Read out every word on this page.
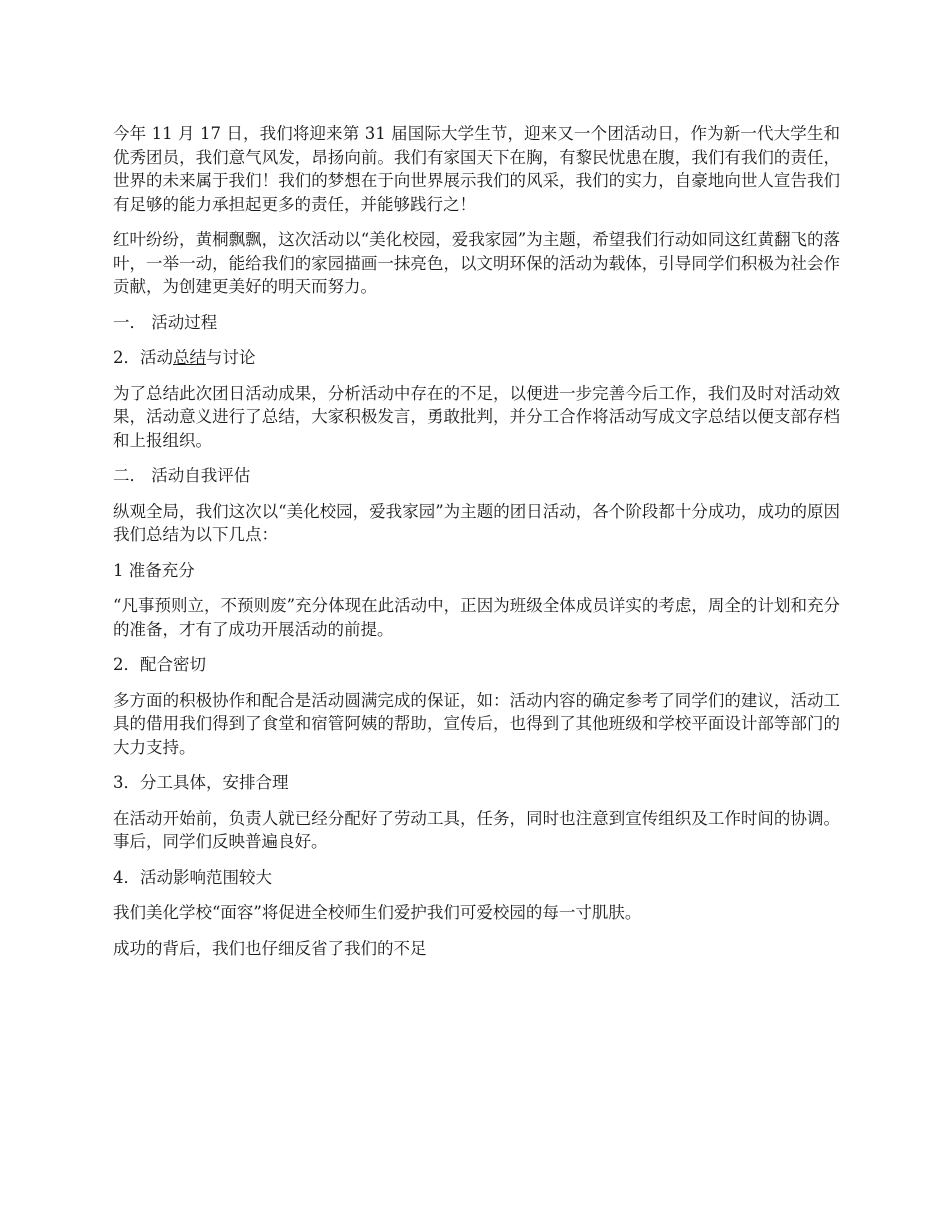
今年 11 月 17 日，我们将迎来第 31 届国际大学生节，迎来又一个团活动日，作为新一代大学生和优秀团员，我们意气风发，昂扬向前。我们有家国天下在胸，有黎民忧患在腹，我们有我们的责任，世界的未来属于我们！我们的梦想在于向世界展示我们的风采，我们的实力，自豪地向世人宣告我们有足够的能力承担起更多的责任，并能够践行之！

红叶纷纷，黄桐飘飘，这次活动以“美化校园，爱我家园”为主题，希望我们行动如同这红黄翻飞的落叶，一举一动，能给我们的家园描画一抹亮色，以文明环保的活动为载体，引导同学们积极为社会作贡献，为创建更美好的明天而努力。

一． 活动过程

2．活动总结与讨论

为了总结此次团日活动成果，分析活动中存在的不足，以便进一步完善今后工作，我们及时对活动效果，活动意义进行了总结，大家积极发言，勇敢批判，并分工合作将活动写成文字总结以便支部存档和上报组织。

二． 活动自我评估

纵观全局，我们这次以“美化校园，爱我家园”为主题的团日活动，各个阶段都十分成功，成功的原因我们总结为以下几点：

1 准备充分

“凡事预则立，不预则废”充分体现在此活动中，正因为班级全体成员详实的考虑，周全的计划和充分的准备，才有了成功开展活动的前提。

2．配合密切

多方面的积极协作和配合是活动圆满完成的保证，如：活动内容的确定参考了同学们的建议，活动工具的借用我们得到了食堂和宿管阿姨的帮助，宣传后，也得到了其他班级和学校平面设计部等部门的大力支持。

3．分工具体，安排合理

在活动开始前，负责人就已经分配好了劳动工具，任务，同时也注意到宣传组织及工作时间的协调。事后，同学们反映普遍良好。

4．活动影响范围较大

我们美化学校“面容”将促进全校师生们爱护我们可爱校园的每一寸肌肤。

成功的背后，我们也仔细反省了我们的不足
